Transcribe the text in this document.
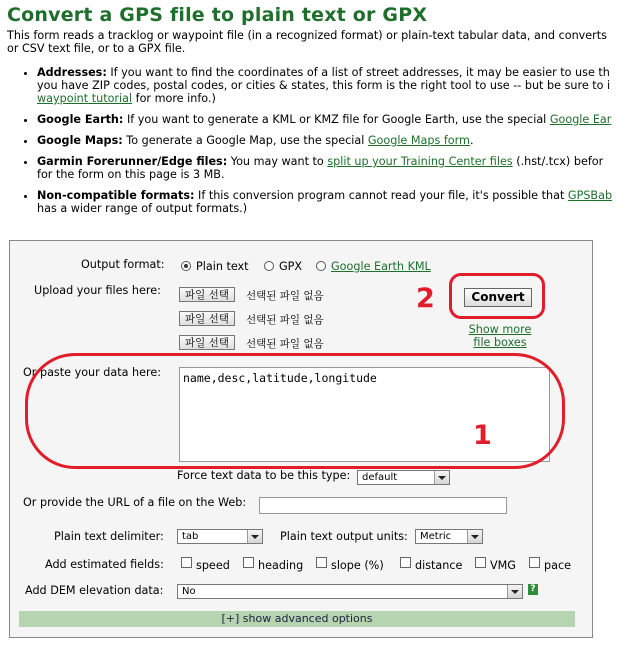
Convert a GPS file to plain text or GPX
This form reads a tracklog or waypoint file (in a recognized format) or plain-text tabular data, and converts
or CSV text file, or to a GPX file.
• Addresses: If you want to find the coordinates of a list of street addresses, it may be easier to use th
you have ZIP codes, postal codes, or cities & states, this form is the right tool to use -- but be sure to i
waypoint tutorial for more info.)
• Google Earth: If you want to generate a KML or KMZ file for Google Earth, use the special Google Ear
• Google Maps: To generate a Google Map, use the special Google Maps form.
• Garmin Forerunner/Edge files: You may want to split up your Training Center files (.hst/.tcx) befor
for the form on this page is 3 MB.
• Non-compatible formats: If this conversion program cannot read your file, it's possible that GPSBab
has a wider range of output formats.)
Output format:	Plain text	GPX	Google Earth KML
Upload your files here:	파일 선택	선택된 파일 없음
파일 선택	선택된 파일 없음
파일 선택	선택된 파일 없음
2	Convert
Show more
file boxes
Or paste your data here:
name,desc,latitude,longitude
1
Force text data to be this type:	default
Or provide the URL of a file on the Web:
Plain text delimiter:	tab	Plain text output units:	Metric
Add estimated fields:	speed	heading slope (%)	distance VMG	pace
Add DEM elevation data:	No	?
[+] show advanced options
